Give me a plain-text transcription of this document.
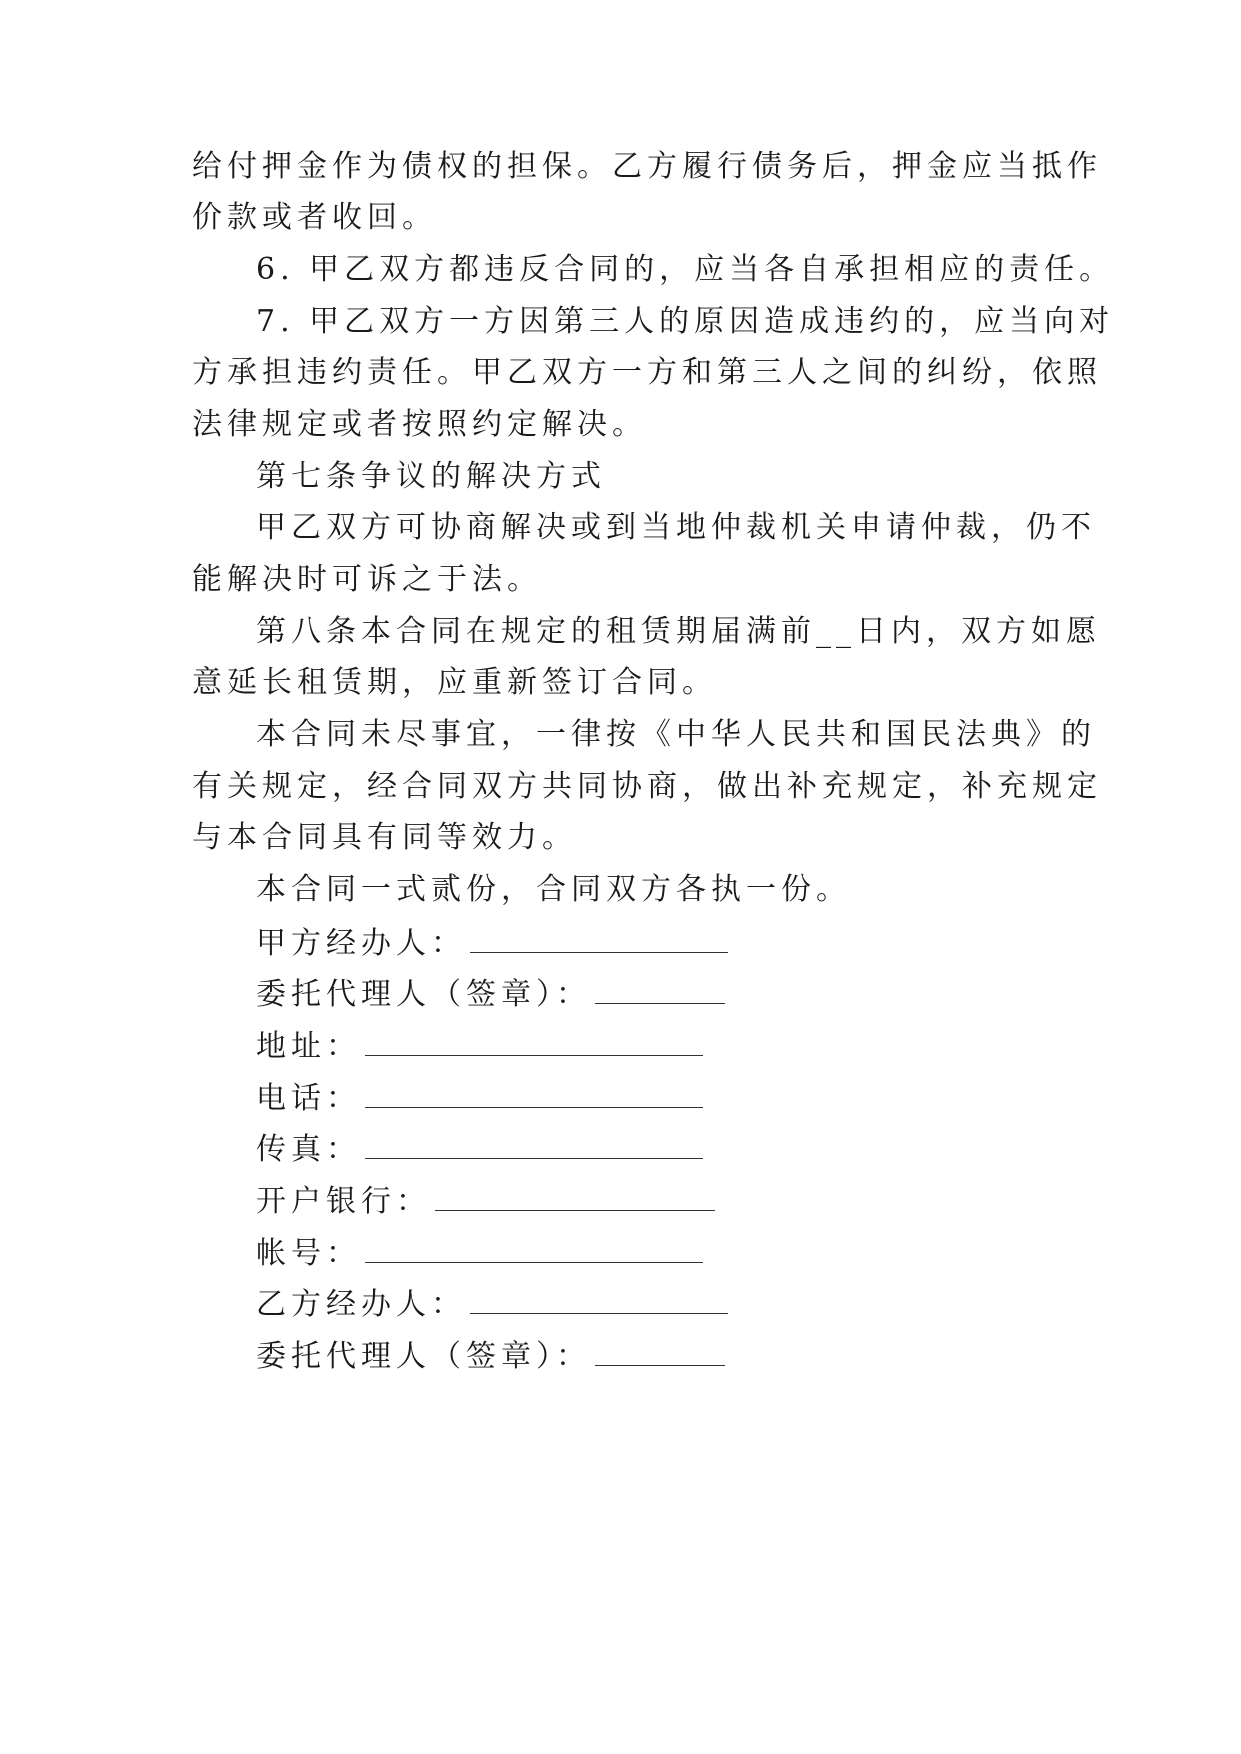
给付押金作为债权的担保。乙方履行债务后，押金应当抵作
价款或者收回。
6. 甲乙双方都违反合同的，应当各自承担相应的责任。
7. 甲乙双方一方因第三人的原因造成违约的，应当向对
方承担违约责任。甲乙双方一方和第三人之间的纠纷，依照
法律规定或者按照约定解决。
第七条争议的解决方式
甲乙双方可协商解决或到当地仲裁机关申请仲裁，仍不
能解决时可诉之于法。
第八条本合同在规定的租赁期届满前__日内，双方如愿
意延长租赁期，应重新签订合同。
本合同未尽事宜，一律按《中华人民共和国民法典》的
有关规定，经合同双方共同协商，做出补充规定，补充规定
与本合同具有同等效力。
本合同一式贰份，合同双方各执一份。
甲方经办人：
委托代理人（签章）：
地址：
电话：
传真：
开户银行：
帐号：
乙方经办人：
委托代理人（签章）：
